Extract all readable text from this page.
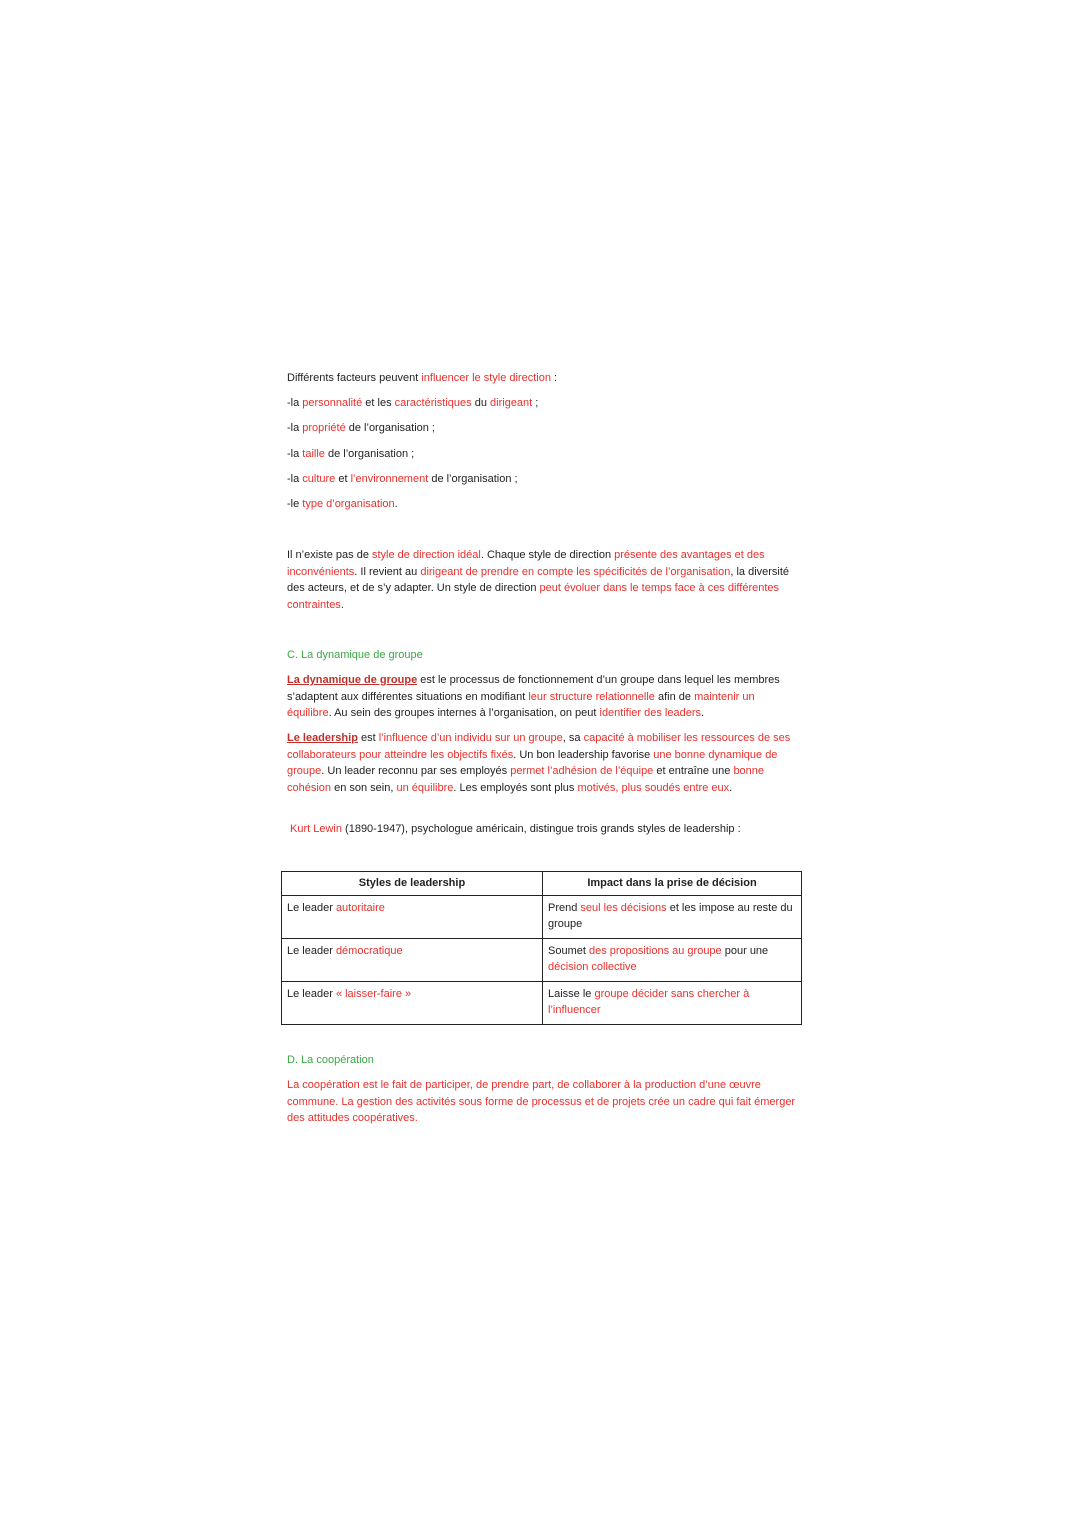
Différents facteurs peuvent influencer le style direction :
-la personnalité et les caractéristiques du dirigeant ;
-la propriété de l’organisation ;
-la taille de l’organisation ;
-la culture et l’environnement de l’organisation ;
-le type d’organisation.
Il n’existe pas de style de direction idéal. Chaque style de direction présente des avantages et des inconvénients. Il revient au dirigeant de prendre en compte les spécificités de l’organisation, la diversité des acteurs, et de s’y adapter. Un style de direction peut évoluer dans le temps face à ces différentes contraintes.
C. La dynamique de groupe
La dynamique de groupe est le processus de fonctionnement d’un groupe dans lequel les membres s’adaptent aux différentes situations en modifiant leur structure relationnelle afin de maintenir un équilibre. Au sein des groupes internes à l’organisation, on peut identifier des leaders.
Le leadership est l’influence d’un individu sur un groupe, sa capacité à mobiliser les ressources de ses collaborateurs pour atteindre les objectifs fixés. Un bon leadership favorise une bonne dynamique de groupe. Un leader reconnu par ses employés permet l’adhésion de l’équipe et entraîne une bonne cohésion en son sein, un équilibre. Les employés sont plus motivés, plus soudés entre eux.
Kurt Lewin (1890-1947), psychologue américain, distingue trois grands styles de leadership :
Styles de leadership	Impact dans la prise de décision
Le leader autoritaire	Prend seul les décisions et les impose au reste du groupe
Le leader démocratique	Soumet des propositions au groupe pour une décision collective
Le leader « laisser-faire »	Laisse le groupe décider sans chercher à l’influencer
D. La coopération
La coopération est le fait de participer, de prendre part, de collaborer à la production d’une œuvre commune. La gestion des activités sous forme de processus et de projets crée un cadre qui fait émerger des attitudes coopératives.
